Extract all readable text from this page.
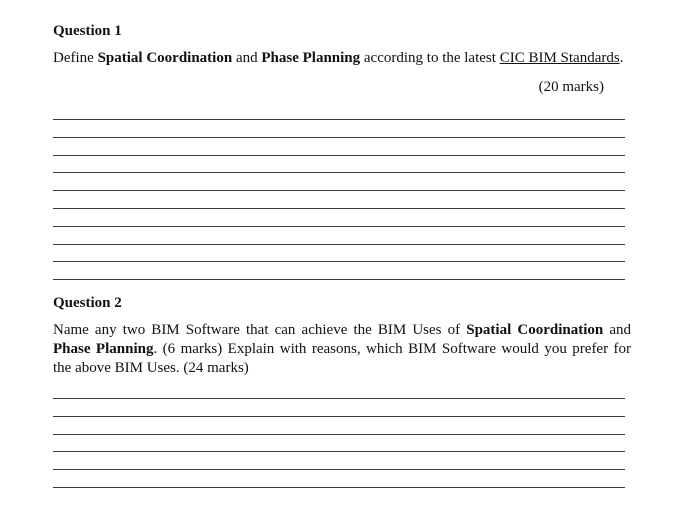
Question 1

Define Spatial Coordination and Phase Planning according to the latest CIC BIM Standards.

(20 marks)
Question 2

Name any two BIM Software that can achieve the BIM Uses of Spatial Coordination and Phase Planning. (6 marks) Explain with reasons, which BIM Software would you prefer for the above BIM Uses. (24 marks)
